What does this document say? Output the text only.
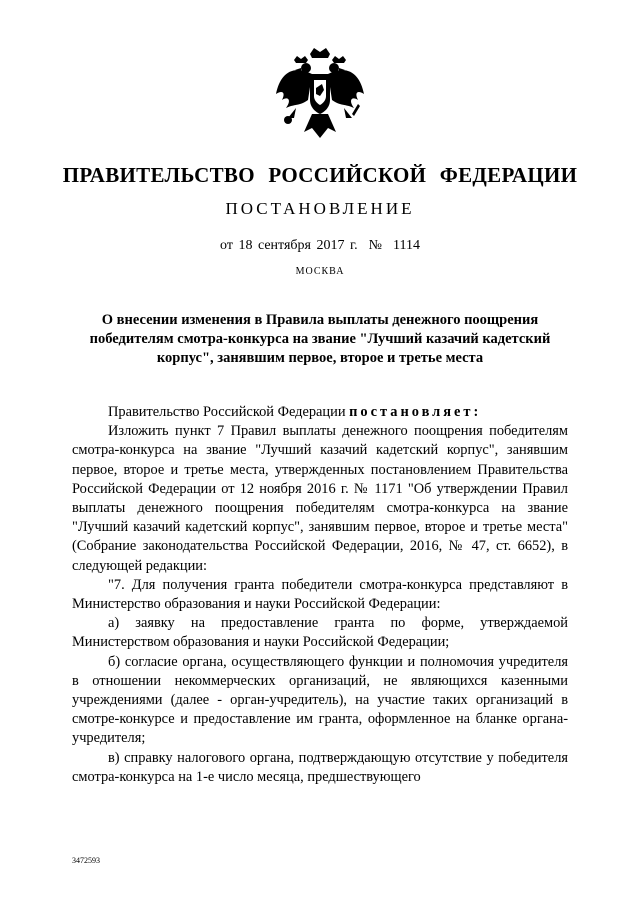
ПРАВИТЕЛЬСТВО РОССИЙСКОЙ ФЕДЕРАЦИИ
ПОСТАНОВЛЕНИЕ
от 18 сентября 2017 г.  №  1114
МОСКВА
О внесении изменения в Правила выплаты денежного поощрения победителям смотра-конкурса на звание "Лучший казачий кадетский корпус", занявшим первое, второе и третье места

Правительство Российской Федерации постановляет:

Изложить пункт 7 Правил выплаты денежного поощрения победителям смотра-конкурса на звание "Лучший казачий кадетский корпус", занявшим первое, второе и третье места, утвержденных постановлением Правительства Российской Федерации от 12 ноября 2016 г. № 1171 "Об утверждении Правил выплаты денежного поощрения победителям смотра-конкурса на звание "Лучший казачий кадетский корпус", занявшим первое, второе и третье места" (Собрание законодательства Российской Федерации, 2016, № 47, ст. 6652), в следующей редакции:

"7. Для получения гранта победители смотра-конкурса представляют в Министерство образования и науки Российской Федерации:

а) заявку на предоставление гранта по форме, утверждаемой Министерством образования и науки Российской Федерации;

б) согласие органа, осуществляющего функции и полномочия учредителя в отношении некоммерческих организаций, не являющихся казенными учреждениями (далее - орган-учредитель), на участие таких организаций в смотре-конкурсе и предоставление им гранта, оформленное на бланке органа-учредителя;

в) справку налогового органа, подтверждающую отсутствие у победителя смотра-конкурса на 1-е число месяца, предшествующего

3472593
